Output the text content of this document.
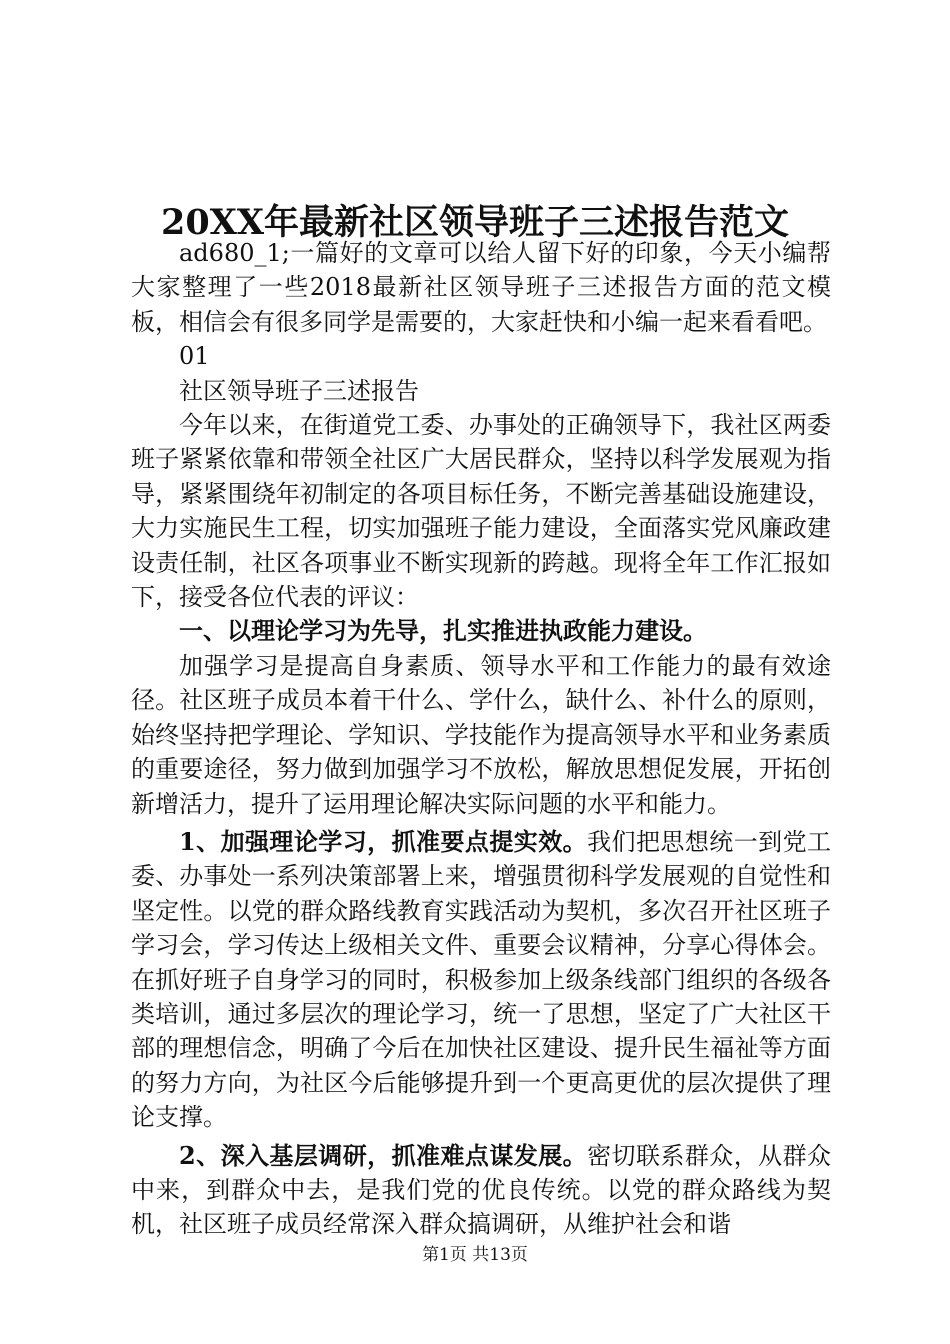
20XX年最新社区领导班子三述报告范文

ad680_1;一篇好的文章可以给人留下好的印象，今天小编帮大家整理了一些2018最新社区领导班子三述报告方面的范文模板，相信会有很多同学是需要的，大家赶快和小编一起来看看吧。

01

社区领导班子三述报告

今年以来，在街道党工委、办事处的正确领导下，我社区两委班子紧紧依靠和带领全社区广大居民群众，坚持以科学发展观为指导，紧紧围绕年初制定的各项目标任务，不断完善基础设施建设，大力实施民生工程，切实加强班子能力建设，全面落实党风廉政建设责任制，社区各项事业不断实现新的跨越。现将全年工作汇报如下，接受各位代表的评议：

一、以理论学习为先导，扎实推进执政能力建设。

加强学习是提高自身素质、领导水平和工作能力的最有效途径。社区班子成员本着干什么、学什么，缺什么、补什么的原则，始终坚持把学理论、学知识、学技能作为提高领导水平和业务素质的重要途径，努力做到加强学习不放松，解放思想促发展，开拓创新增活力，提升了运用理论解决实际问题的水平和能力。

1、加强理论学习，抓准要点提实效。我们把思想统一到党工委、办事处一系列决策部署上来，增强贯彻科学发展观的自觉性和坚定性。以党的群众路线教育实践活动为契机，多次召开社区班子学习会，学习传达上级相关文件、重要会议精神，分享心得体会。在抓好班子自身学习的同时，积极参加上级条线部门组织的各级各类培训，通过多层次的理论学习，统一了思想，坚定了广大社区干部的理想信念，明确了今后在加快社区建设、提升民生福祉等方面的努力方向，为社区今后能够提升到一个更高更优的层次提供了理论支撑。

2、深入基层调研，抓准难点谋发展。密切联系群众，从群众中来，到群众中去，是我们党的优良传统。以党的群众路线为契机，社区班子成员经常深入群众搞调研，从维护社会和谐

第1页 共13页
